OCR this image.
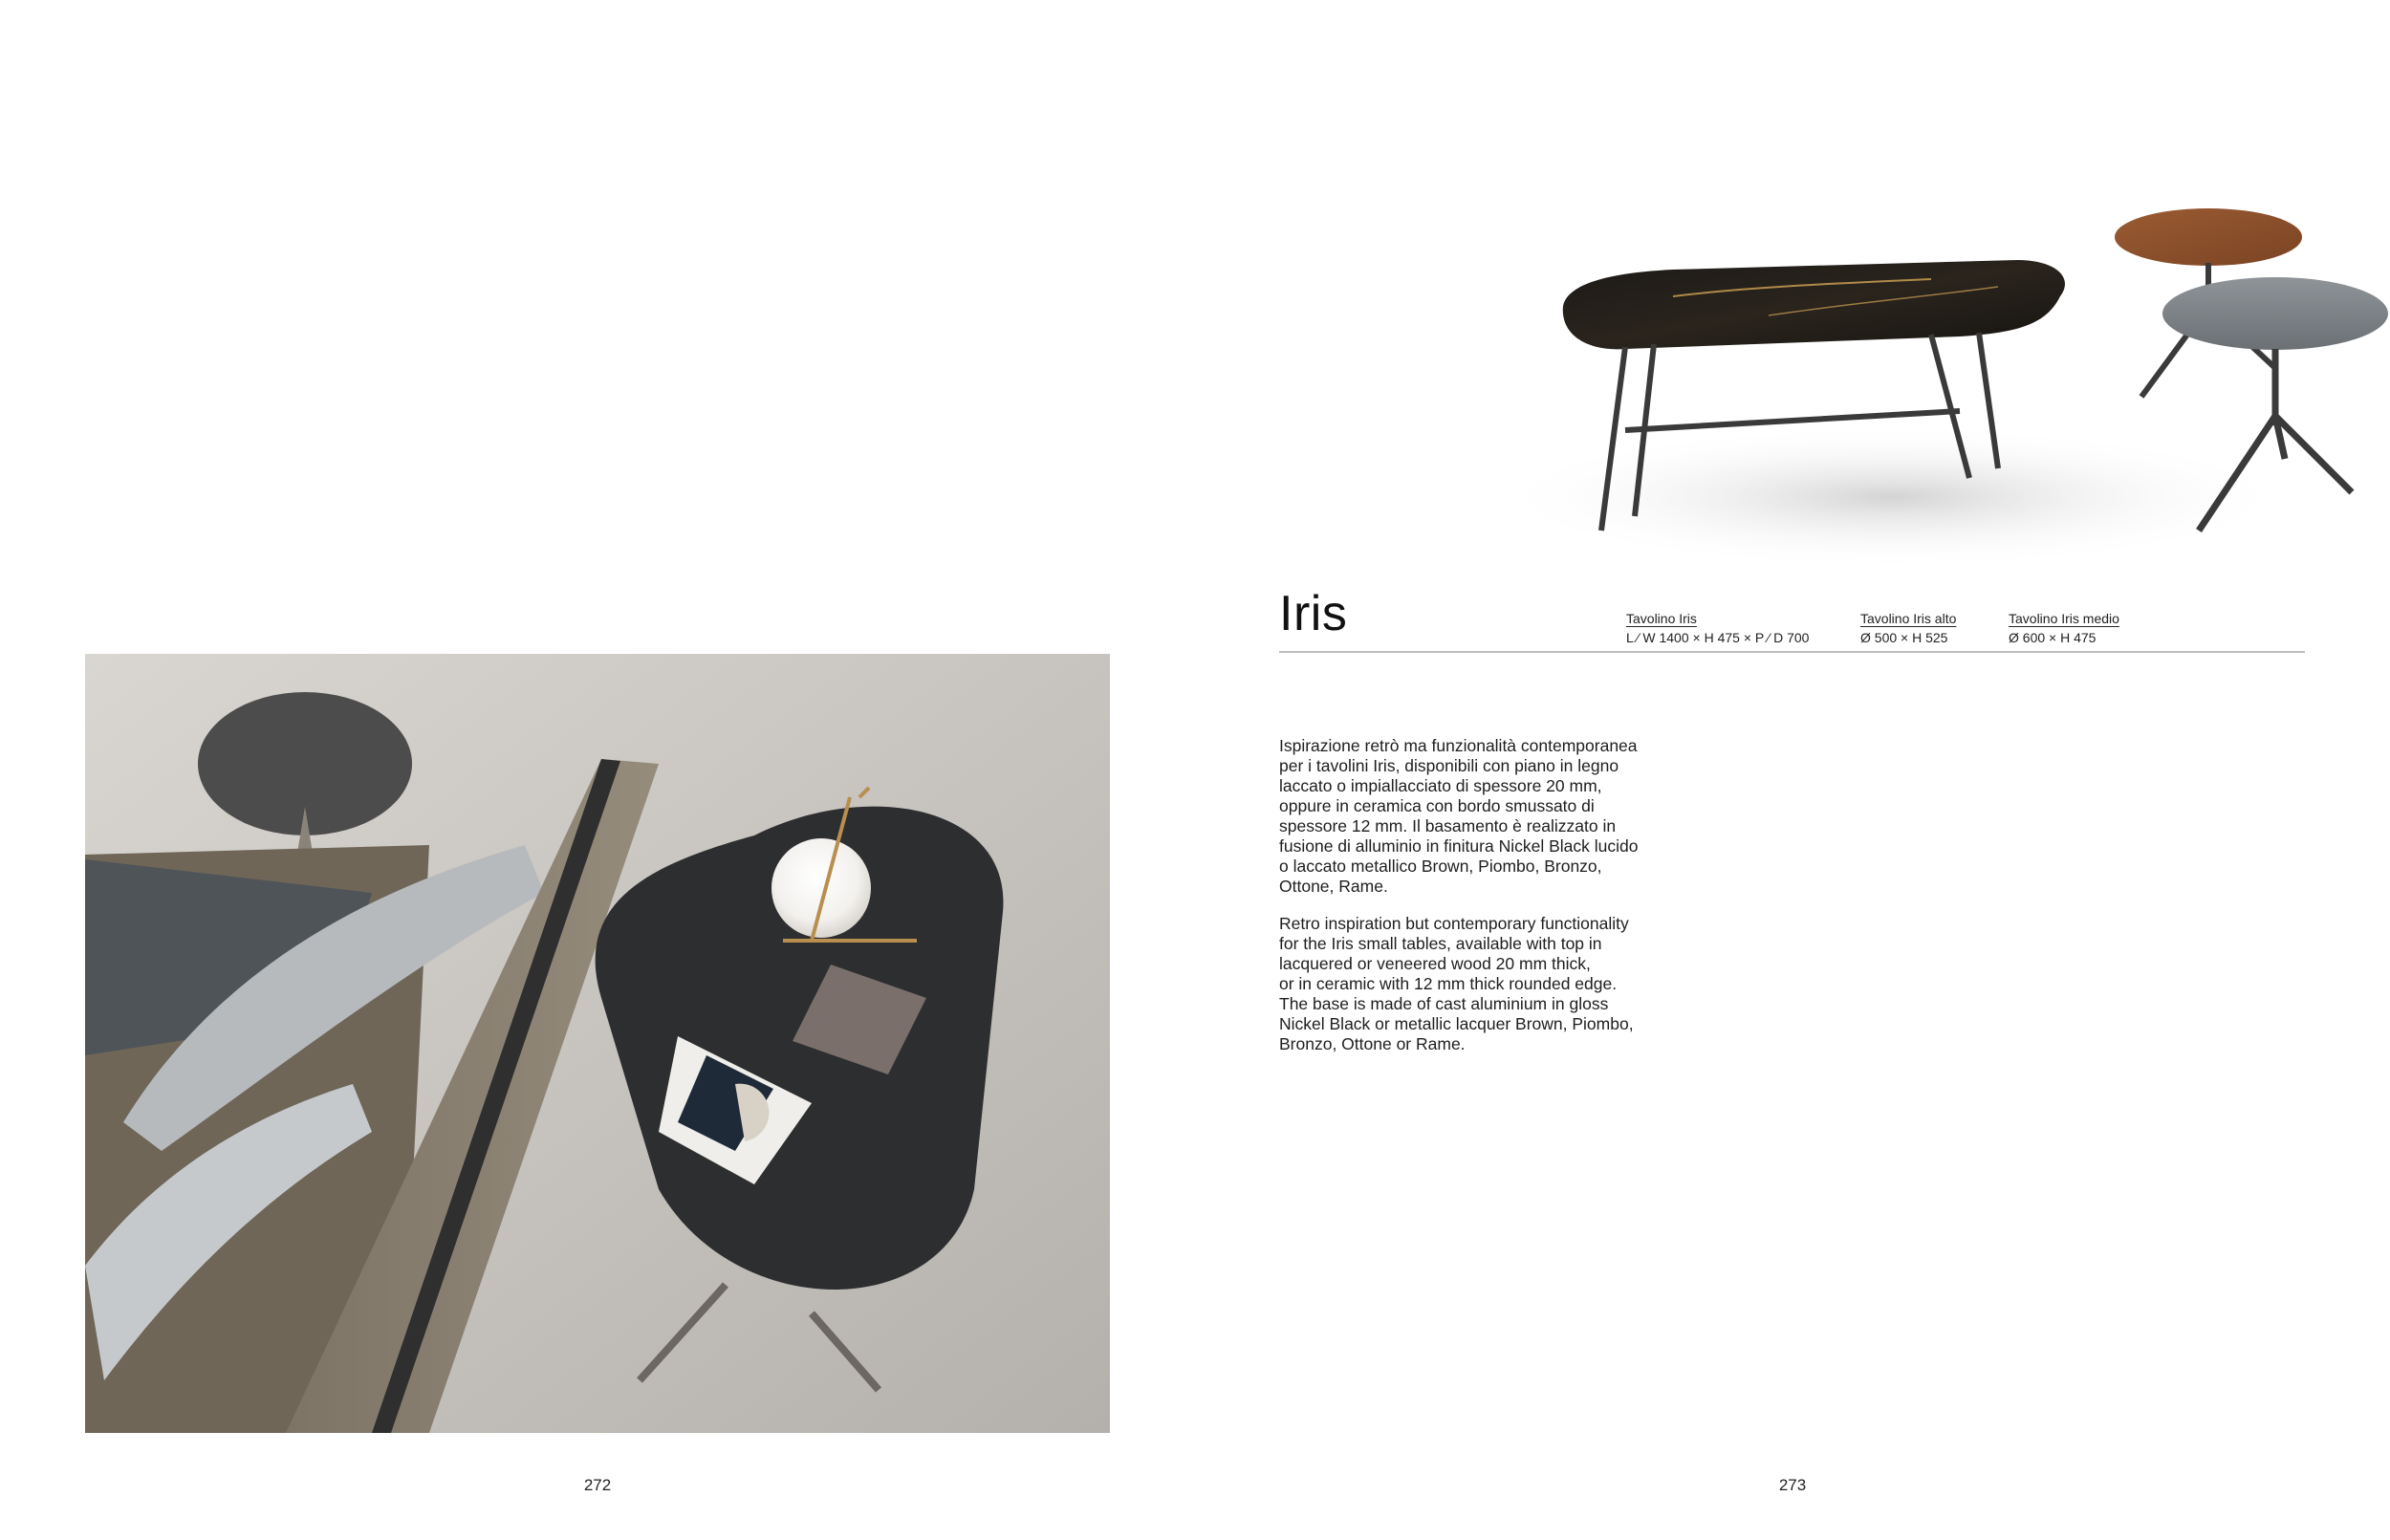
272
Iris	Tavolino Iris
L ⁄ W 1400 × H 475 × P ⁄ D 700
Tavolino Iris alto
Ø 500 × H 525
Tavolino Iris medio
Ø 600 × H 475

Ispirazione retrò ma funzionalità contemporanea
per i tavolini Iris, disponibili con piano in legno
laccato o impiallacciato di spessore 20 mm,
oppure in ceramica con bordo smussato di
spessore 12 mm. Il basamento è realizzato in
fusione di alluminio in finitura Nickel Black lucido
o laccato metallico Brown, Piombo, Bronzo,
Ottone, Rame.

Retro inspiration but contemporary functionality
for the Iris small tables, available with top in
lacquered or veneered wood 20 mm thick,
or in ceramic with 12 mm thick rounded edge.
The base is made of cast aluminium in gloss
Nickel Black or metallic lacquer Brown, Piombo,
Bronzo, Ottone or Rame.

273
